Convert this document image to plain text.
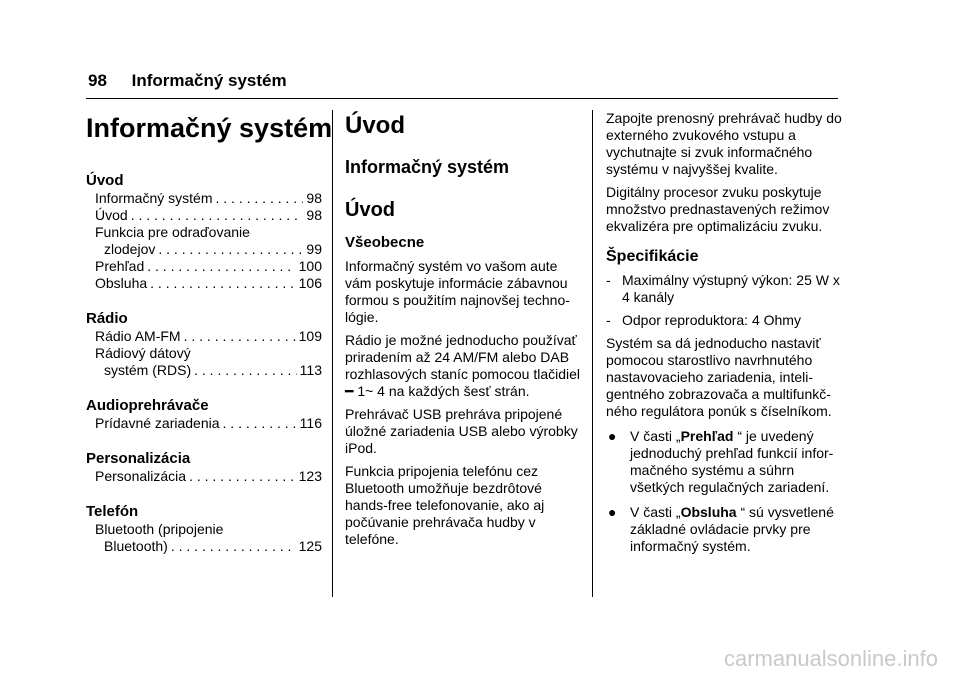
98 Informačný systém
Informačný systém
Úvod
Informačný systém . . .	98
Úvod . . .	98
Funkcia pre odraďovanie
zlodejov . . .	99
Prehľad . . .	100
Obsluha . . .	106
Rádio
Rádio AM-FM . . .	109
Rádiový dátový
systém (RDS) . . .	113
Audioprehrávače
Prídavné zariadenia . . .	116
Personalizácia
Personalizácia . . .	123
Telefón
Bluetooth (pripojenie
Bluetooth) . . .	125
Úvod
Informačný systém
Úvod
Všeobecne
Informačný systém vo vašom aute vám poskytuje informácie zábavnou formou s použitím najnovšej techno-lógie.
Rádio je možné jednoducho používať priradením až 24 AM/FM alebo DAB rozhlasových staníc pomocou tlačidiel ━ 1~ 4 na každých šesť strán.
Prehrávač USB prehráva pripojené úložné zariadenia USB alebo výrobky iPod.
Funkcia pripojenia telefónu cez Bluetooth umožňuje bezdrôtové hands-free telefonovanie, ako aj počúvanie prehrávača hudby v telefóne.
Zapojte prenosný prehrávač hudby do externého zvukového vstupu a vychutnajte si zvuk informačného systému v najvyššej kvalite.
Digitálny procesor zvuku poskytuje množstvo prednastavených režimov ekvalizéra pre optimalizáciu zvuku.
Špecifikácie
- Maximálny výstupný výkon: 25 W x 4 kanály
- Odpor reproduktora: 4 Ohmy
Systém sa dá jednoducho nastaviť pomocou starostlivo navrhnutého nastavovacieho zariadenia, inteli-gentného zobrazovača a multifunkč-ného regulátora ponúk s číselníkom.
● V časti „Prehľad “ je uvedený jednoduchý prehľad funkcií infor-mačného systému a súhrn všetkých regulačných zariadení.
● V časti „Obsluha “ sú vysvetlené základné ovládacie prvky pre informačný systém.
carmanualsonline.info
